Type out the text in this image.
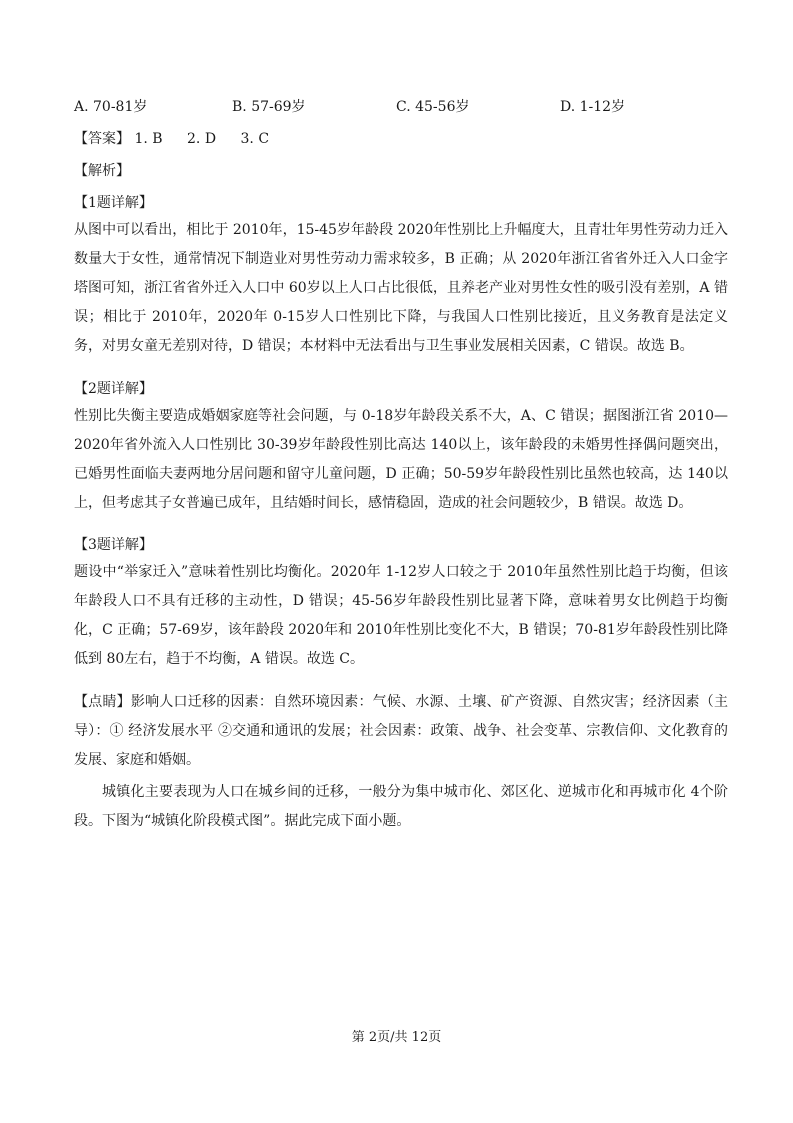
A. 70-81岁	B. 57-69岁	C. 45-56岁	D. 1-12岁
【答案】 1. B 2. D 3. C
【解析】
【1题详解】

从图中可以看出，相比于 2010年，15-45岁年龄段 2020年性别比上升幅度大，且青壮年男性劳动力迁入数量大于女性，通常情况下制造业对男性劳动力需求较多，B 正确；从 2020年浙江省省外迁入人口金字塔图可知，浙江省省外迁入人口中 60岁以上人口占比很低，且养老产业对男性女性的吸引没有差别，A 错误；相比于 2010年，2020年 0-15岁人口性别比下降，与我国人口性别比接近，且义务教育是法定义务，对男女童无差别对待，D 错误；本材料中无法看出与卫生事业发展相关因素，C 错误。故选 B。

【2题详解】

性别比失衡主要造成婚姻家庭等社会问题，与 0-18岁年龄段关系不大，A、C 错误；据图浙江省 2010—2020年省外流入人口性别比 30-39岁年龄段性别比高达 140以上，该年龄段的未婚男性择偶问题突出，已婚男性面临夫妻两地分居问题和留守儿童问题，D 正确；50-59岁年龄段性别比虽然也较高，达 140以上，但考虑其子女普遍已成年，且结婚时间长，感情稳固，造成的社会问题较少，B 错误。故选 D。

【3题详解】

题设中“举家迁入”意味着性别比均衡化。2020年 1-12岁人口较之于 2010年虽然性别比趋于均衡，但该年龄段人口不具有迁移的主动性，D 错误；45-56岁年龄段性别比显著下降，意味着男女比例趋于均衡化，C 正确；57-69岁，该年龄段 2020年和 2010年性别比变化不大，B 错误；70-81岁年龄段性别比降低到 80左右，趋于不均衡，A 错误。故选 C。

【点睛】影响人口迁移的因素：自然环境因素：气候、水源、土壤、矿产资源、自然灾害；经济因素（主导）：① 经济发展水平 ②交通和通讯的发展；社会因素：政策、战争、社会变革、宗教信仰、文化教育的发展、家庭和婚姻。

城镇化主要表现为人口在城乡间的迁移，一般分为集中城市化、郊区化、逆城市化和再城市化 4个阶段。下图为“城镇化阶段模式图”。据此完成下面小题。

第 2页/共 12页
